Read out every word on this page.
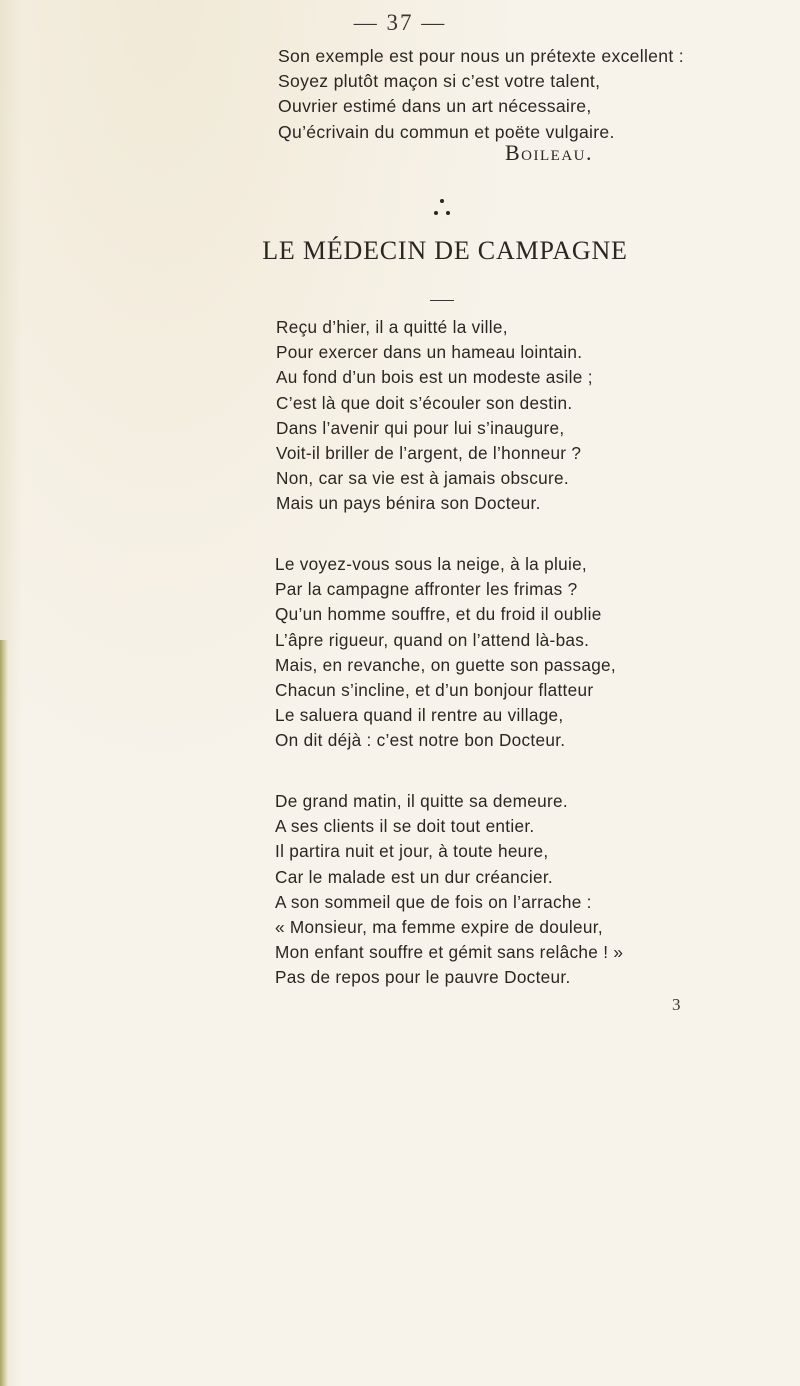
— 37 —
Son exemple est pour nous un prétexte excellent :
Soyez plutôt maçon si c’est votre talent,
Ouvrier estimé dans un art nécessaire,
Qu’écrivain du commun et poëte vulgaire.
Boileau.
LE MÉDECIN DE CAMPAGNE
Reçu d’hier, il a quitté la ville,
Pour exercer dans un hameau lointain.
Au fond d’un bois est un modeste asile ;
C’est là que doit s’écouler son destin.
Dans l’avenir qui pour lui s’inaugure,
Voit-il briller de l’argent, de l’honneur ?
Non, car sa vie est à jamais obscure.
Mais un pays bénira son Docteur.
Le voyez-vous sous la neige, à la pluie,
Par la campagne affronter les frimas ?
Qu’un homme souffre, et du froid il oublie
L’âpre rigueur, quand on l’attend là-bas.
Mais, en revanche, on guette son passage,
Chacun s’incline, et d’un bonjour flatteur
Le saluera quand il rentre au village,
On dit déjà : c’est notre bon Docteur.
De grand matin, il quitte sa demeure.
A ses clients il se doit tout entier.
Il partira nuit et jour, à toute heure,
Car le malade est un dur créancier.
A son sommeil que de fois on l’arrache :
« Monsieur, ma femme expire de douleur,
Mon enfant souffre et gémit sans relâche ! »
Pas de repos pour le pauvre Docteur.
3
